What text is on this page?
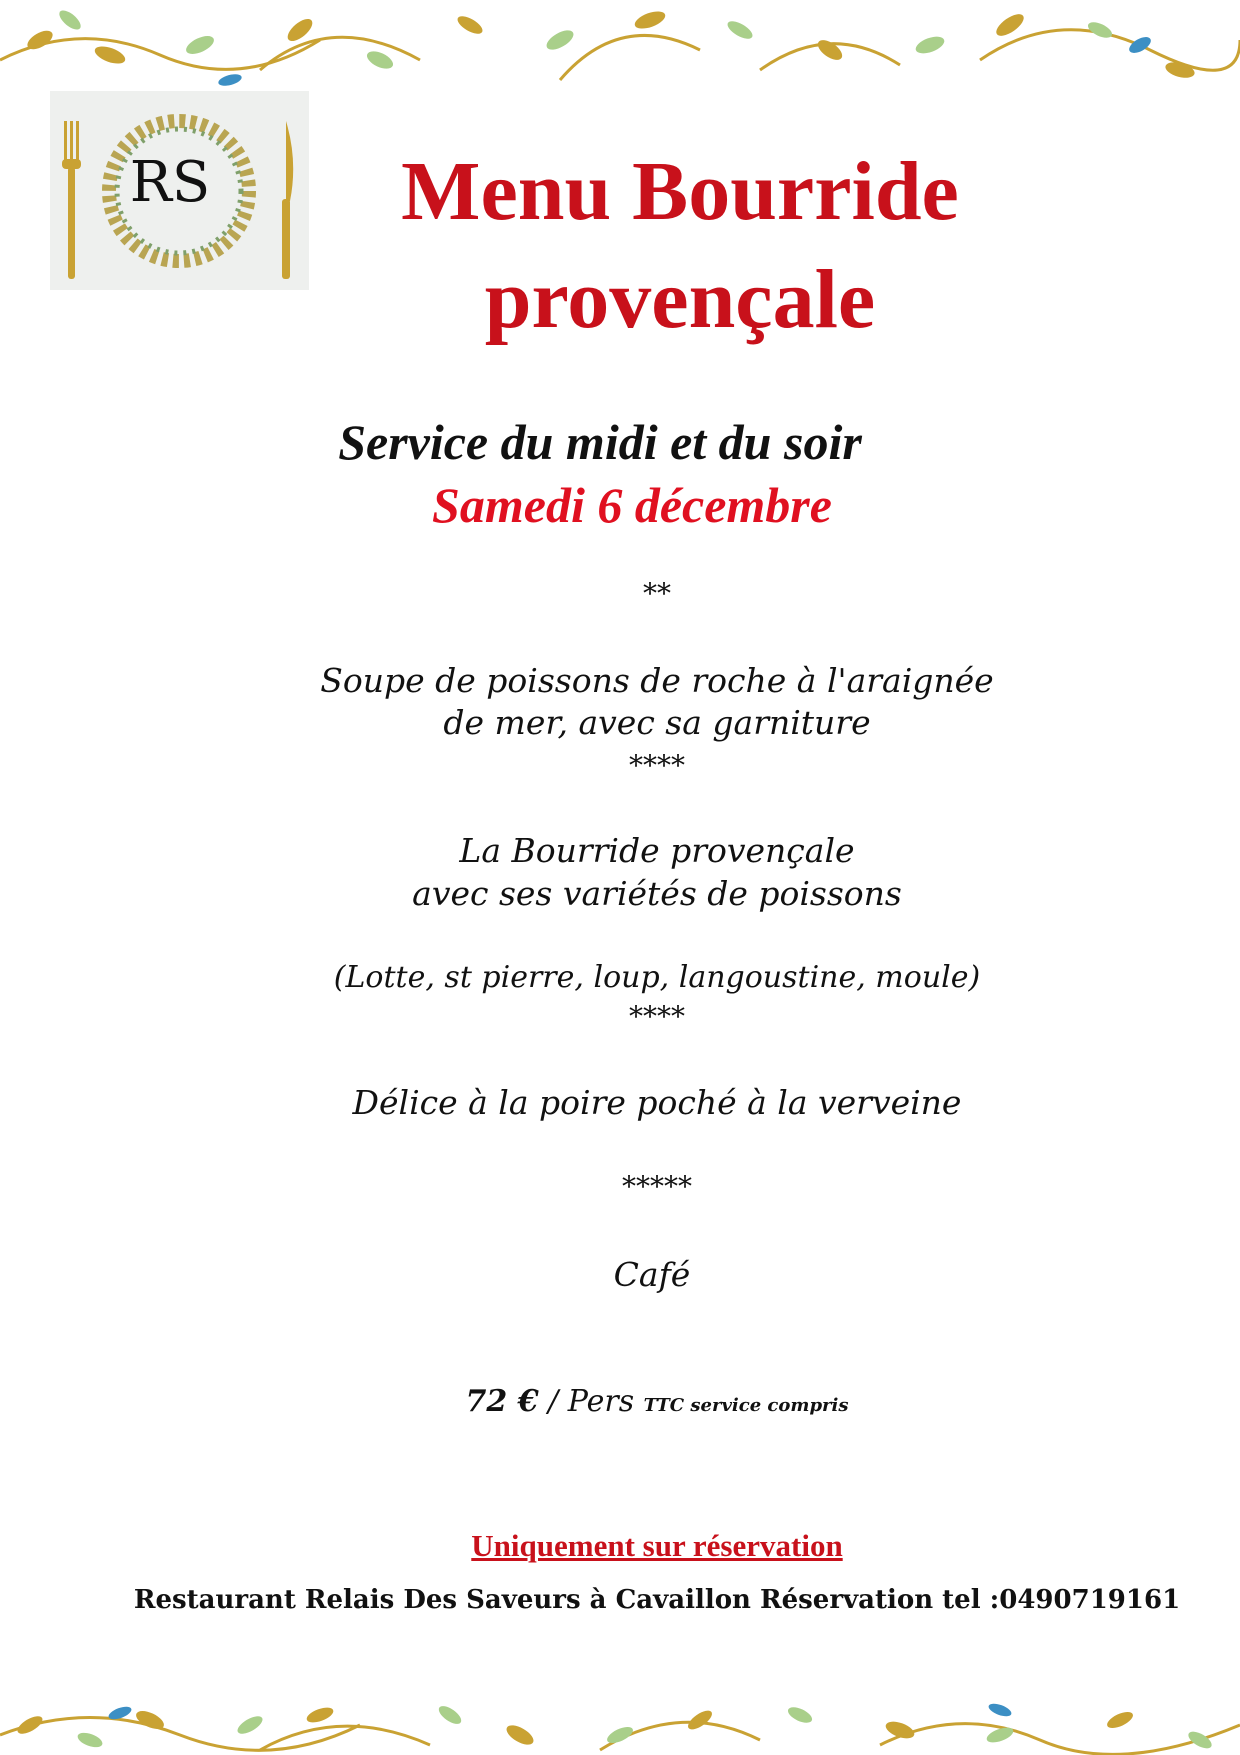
RS	Menu Bourride
provençale
Service du midi et du soir
Samedi 6 décembre
**
Soupe de poissons de roche à l'araignée
de mer, avec sa garniture
****
La Bourride provençale
avec ses variétés de poissons
(Lotte, st pierre, loup, langoustine, moule)
****
Délice à la poire poché à la verveine
*****
Café
72 € / Pers TTC service compris
Uniquement sur réservation
Restaurant Relais Des Saveurs à Cavaillon Réservation tel :0490719161
